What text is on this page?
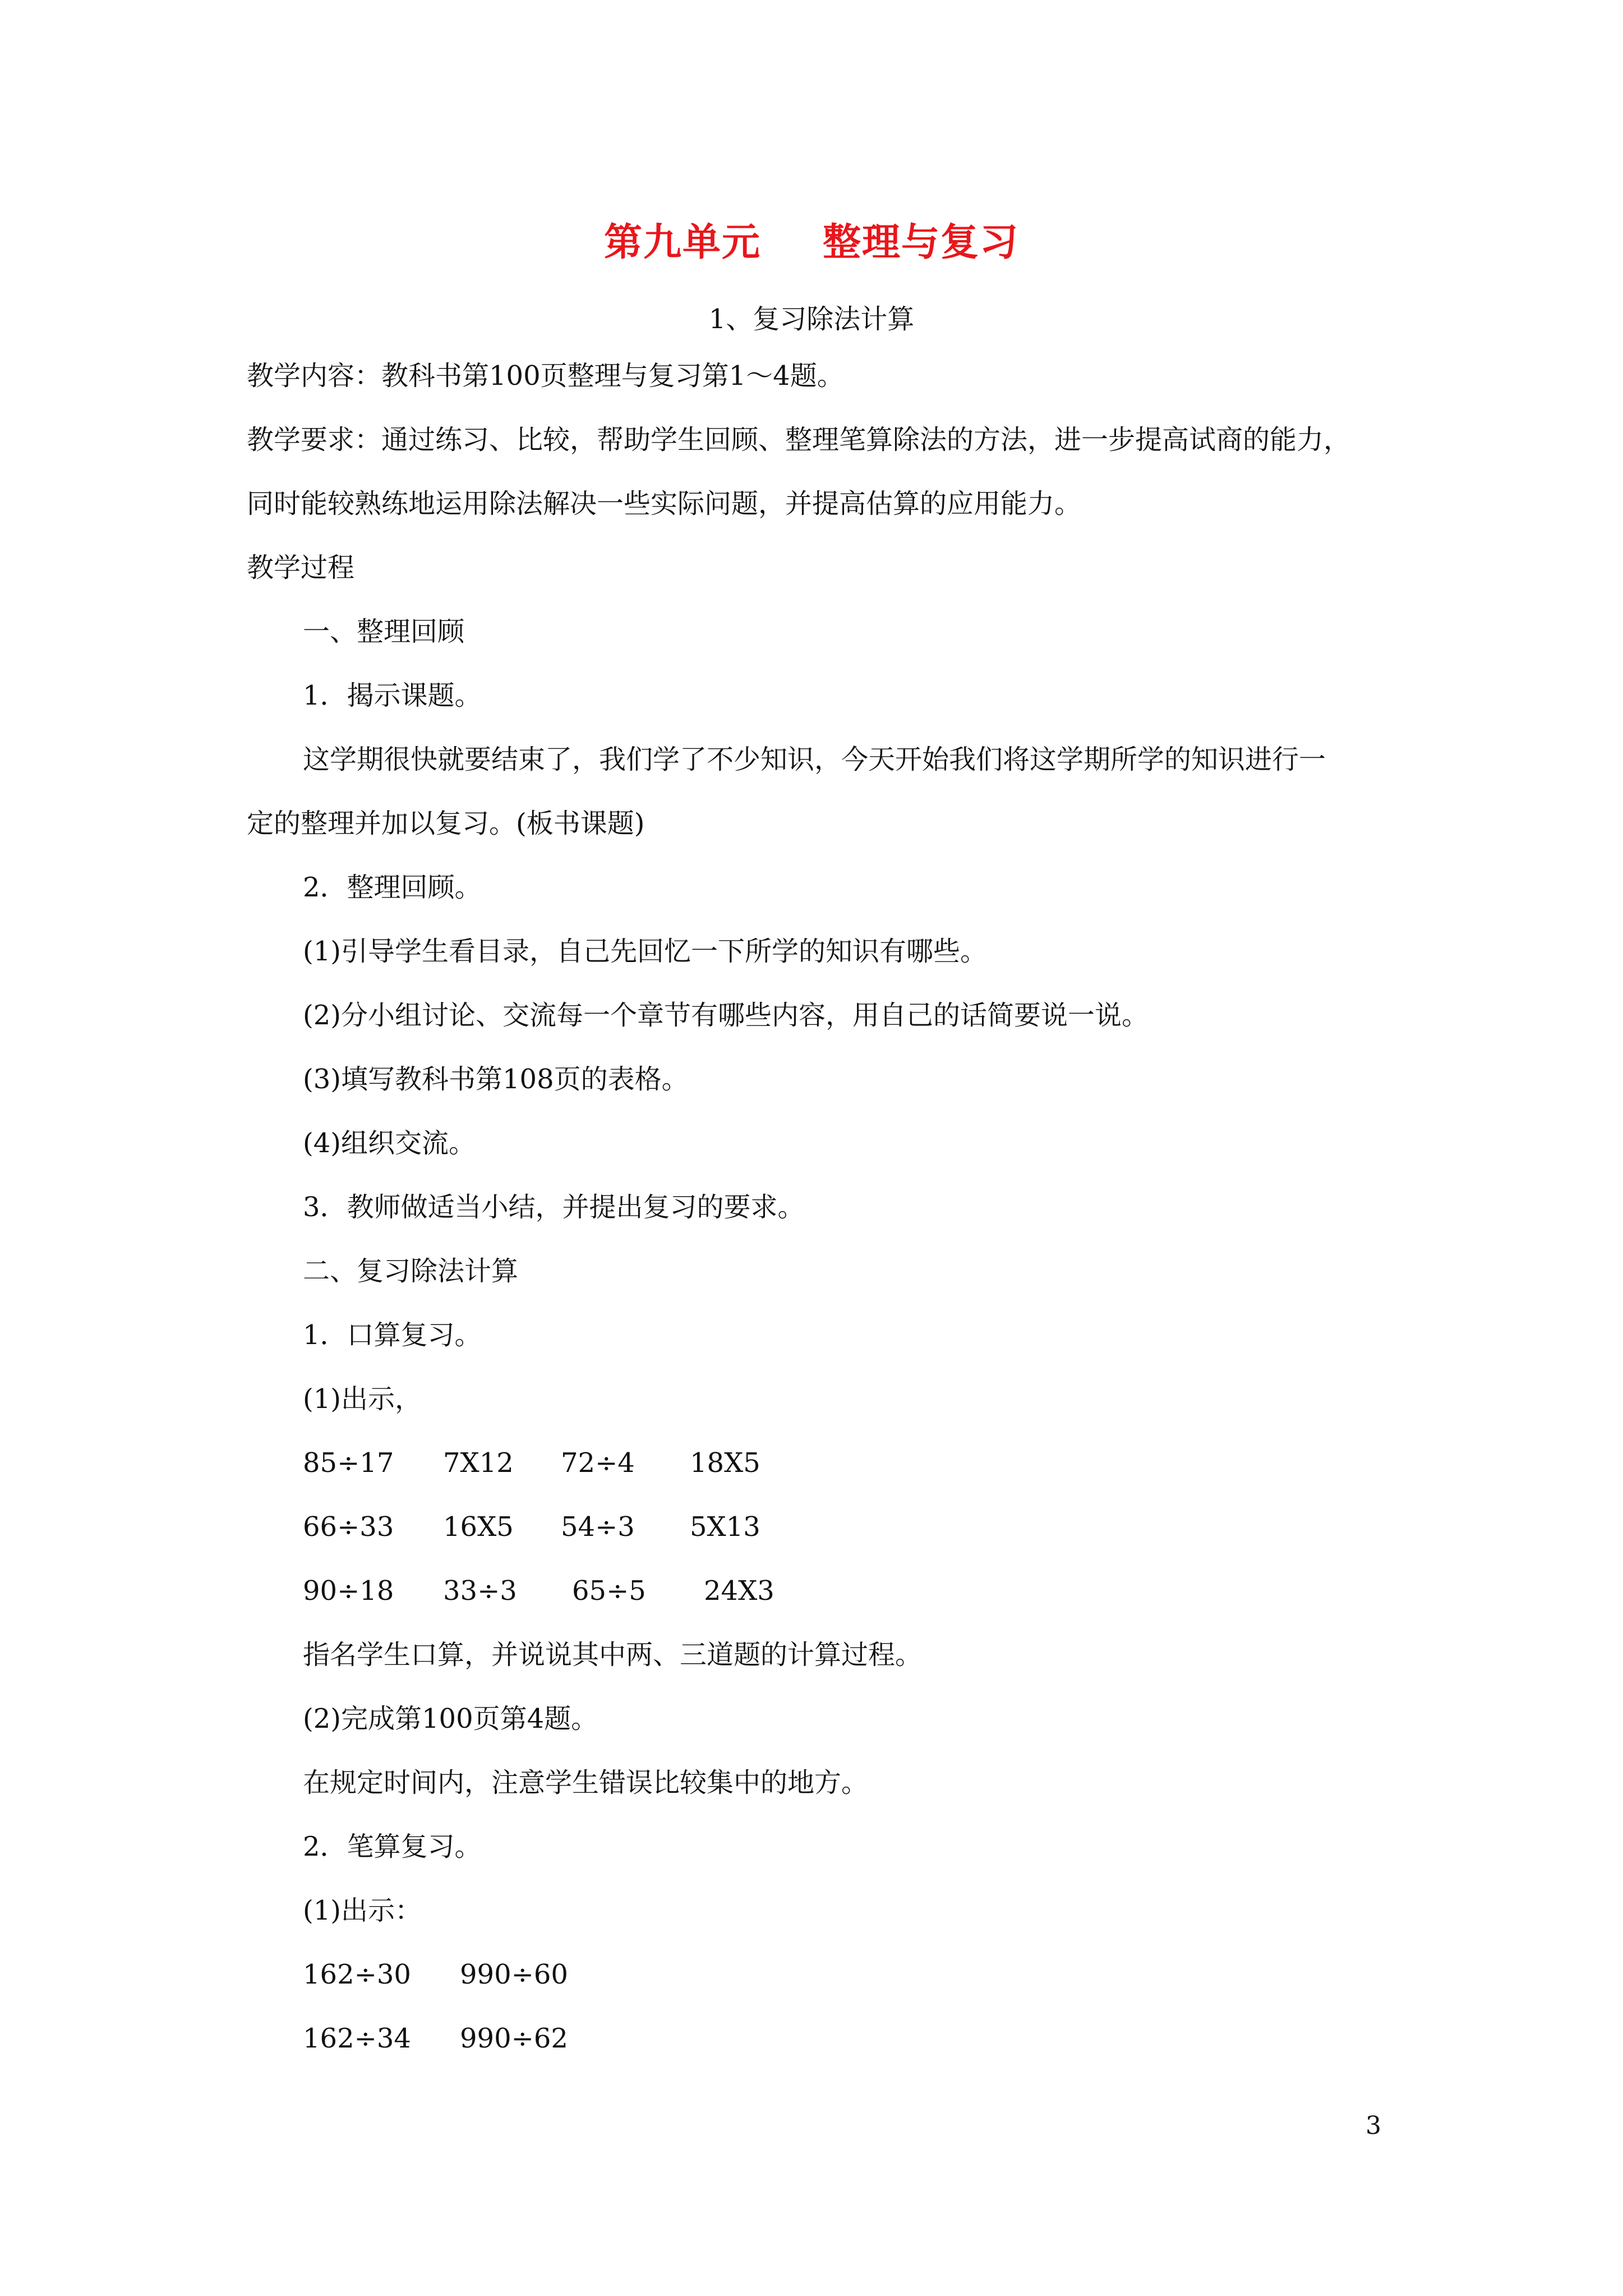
第九单元 整理与复习
1、复习除法计算
教学内容：教科书第100页整理与复习第1～4题。
教学要求：通过练习、比较，帮助学生回顾、整理笔算除法的方法，进一步提高试商的能力，
同时能较熟练地运用除法解决一些实际问题，并提高估算的应用能力。
教学过程
一、整理回顾
1．揭示课题。
这学期很快就要结束了，我们学了不少知识，今天开始我们将这学期所学的知识进行一
定的整理并加以复习。(板书课题)
2．整理回顾。
(1)引导学生看目录，自己先回忆一下所学的知识有哪些。
(2)分小组讨论、交流每一个章节有哪些内容，用自己的话简要说一说。
(3)填写教科书第108页的表格。
(4)组织交流。
3．教师做适当小结，并提出复习的要求。
二、复习除法计算
1．口算复习。
(1)出示，
85÷17 7X12 72÷4 18X5
66÷33 16X5 54÷3 5X13
90÷18 33÷3 65÷5 24X3
指名学生口算，并说说其中两、三道题的计算过程。
(2)完成第100页第4题。
在规定时间内，注意学生错误比较集中的地方。
2．笔算复习。
(1)出示：
162÷30 990÷60
162÷34 990÷62
3
